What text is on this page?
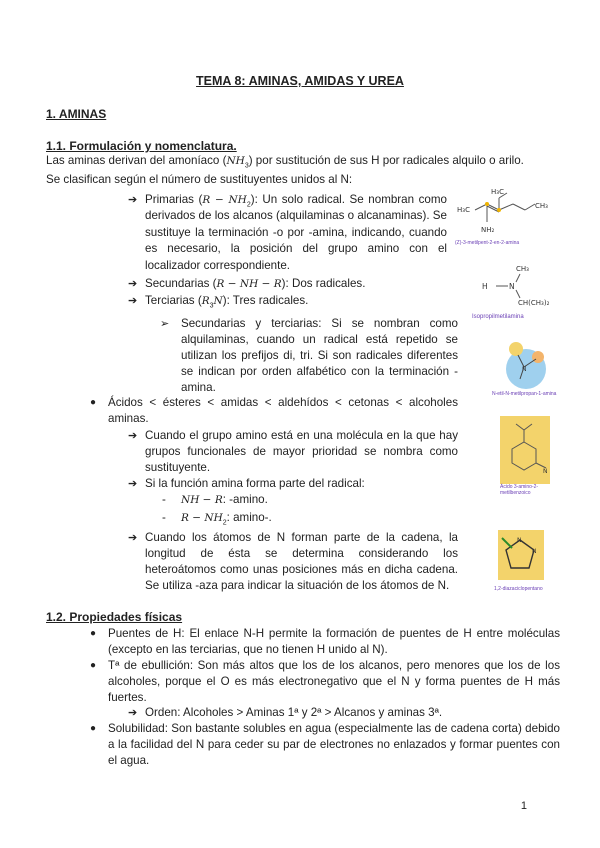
TEMA 8: AMINAS, AMIDAS Y UREA
1. AMINAS
1.1. Formulación y nomenclatura.
Las aminas derivan del amoníaco $(NH_3)$ por sustitución de sus H por radicales alquilo o arilo.
Se clasifican según el número de sustituyentes unidos al N:
➔ Primarias $(R - NH_2)$: Un solo radical. Se nombran como derivados de los alcanos (alquilaminas o alcanaminas). Se sustituye la terminación -o por -amina, indicando, cuando es necesario, la posición del grupo amino con el localizador correspondiente.
➔ Secundarias (R − NH − R): Dos radicales.
➔ Terciarias $(R_3N)$: Tres radicales.
➢ Secundarias y terciarias: Si se nombran como alquilaminas, cuando un radical está repetido se utilizan los prefijos di, tri. Si son radicales diferentes se indican por orden alfabético con la terminación -amina.
● Ácidos < ésteres < amidas < aldehídos < cetonas < alcoholes aminas.
➔ Cuando el grupo amino está en una molécula en la que hay grupos funcionales de mayor prioridad se nombra como sustituyente.
➔ Si la función amina forma parte del radical:
- NH − R: -amino.
- $R - NH_2$: amino-.
➔ Cuando los átomos de N forman parte de la cadena, la longitud de ésta se determina considerando los heteroátomos como unas posiciones más en dicha cadena. Se utiliza -aza para indicar la situación de los átomos de N.
1.2. Propiedades físicas
● Puentes de H: El enlace N-H permite la formación de puentes de H entre moléculas (excepto en las terciarias, que no tienen H unido al N).
● Tª de ebullición: Son más altos que los de los alcanos, pero menores que los de los alcoholes, porque el O es más electronegativo que el N y forma puentes de H más fuertes.
➔ Orden: Alcoholes > Aminas 1ª y 2ª > Alcanos y aminas 3ª.
● Solubilidad: Son bastante solubles en agua (especialmente las de cadena corta) debido a la facilidad del N para ceder su par de electrones no enlazados y formar puentes con el agua.
1
H₃C
H₃C
CH₃
NH₂
(Z)-3-metilpent-2-en-2-amina
H	N
CH₃
CH(CH₃)₂
Isopropilmetilamina
N
N-etil-N-metilpropan-1-amina
N
Ácido 3-amino-2-metilbenzoico
N
N
1,2-diazaciclopentano
